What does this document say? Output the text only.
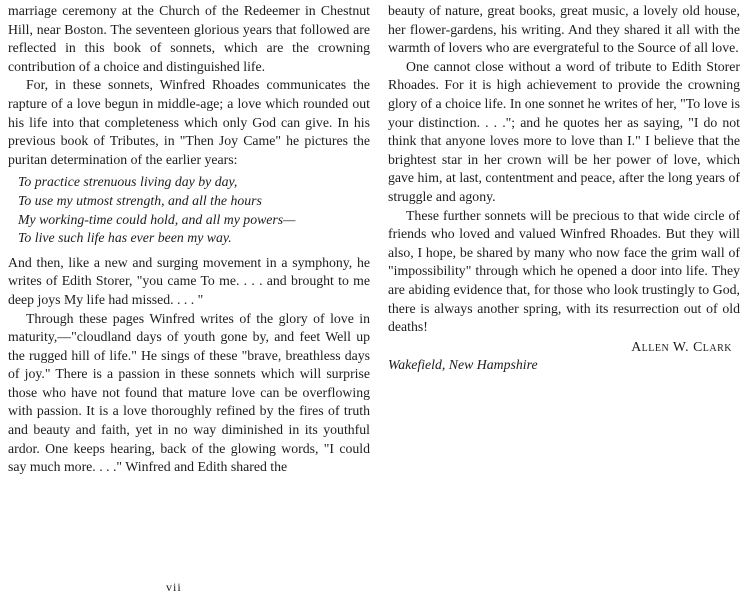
marriage ceremony at the Church of the Redeemer in Chestnut Hill, near Boston. The seventeen glorious years that followed are reflected in this book of sonnets, which are the crowning contribution of a choice and distinguished life.

For, in these sonnets, Winfred Rhoades communicates the rapture of a love begun in middle-age; a love which rounded out his life into that completeness which only God can give. In his previous book of Tributes, in "Then Joy Came" he pictures the puritan determination of the earlier years:

To practice strenuous living day by day,
To use my utmost strength, and all the hours
My working-time could hold, and all my powers—
To live such life has ever been my way.

And then, like a new and surging movement in a symphony, he writes of Edith Storer, "you came To me. . . . and brought to me deep joys My life had missed. . . . "

Through these pages Winfred writes of the glory of love in maturity,—"cloudland days of youth gone by, and feet Well up the rugged hill of life." He sings of these "brave, breathless days of joy." There is a passion in these sonnets which will surprise those who have not found that mature love can be overflowing with passion. It is a love thoroughly refined by the fires of truth and beauty and faith, yet in no way diminished in its youthful ardor. One keeps hearing, back of the glowing words, "I could say much more. . . ." Winfred and Edith shared the

beauty of nature, great books, great music, a lovely old house, her flower-gardens, his writing. And they shared it all with the warmth of lovers who are evergrateful to the Source of all love.

One cannot close without a word of tribute to Edith Storer Rhoades. For it is high achievement to provide the crowning glory of a choice life. In one sonnet he writes of her, "To love is your distinction. . . ."; and he quotes her as saying, "I do not think that anyone loves more to love than I." I believe that the brightest star in her crown will be her power of love, which gave him, at last, contentment and peace, after the long years of struggle and agony.

These further sonnets will be precious to that wide circle of friends who loved and valued Winfred Rhoades. But they will also, I hope, be shared by many who now face the grim wall of "impossibility" through which he opened a door into life. They are abiding evidence that, for those who look trustingly to God, there is always another spring, with its resurrection out of old deaths!

Allen W. Clark
Wakefield, New Hampshire
vii
